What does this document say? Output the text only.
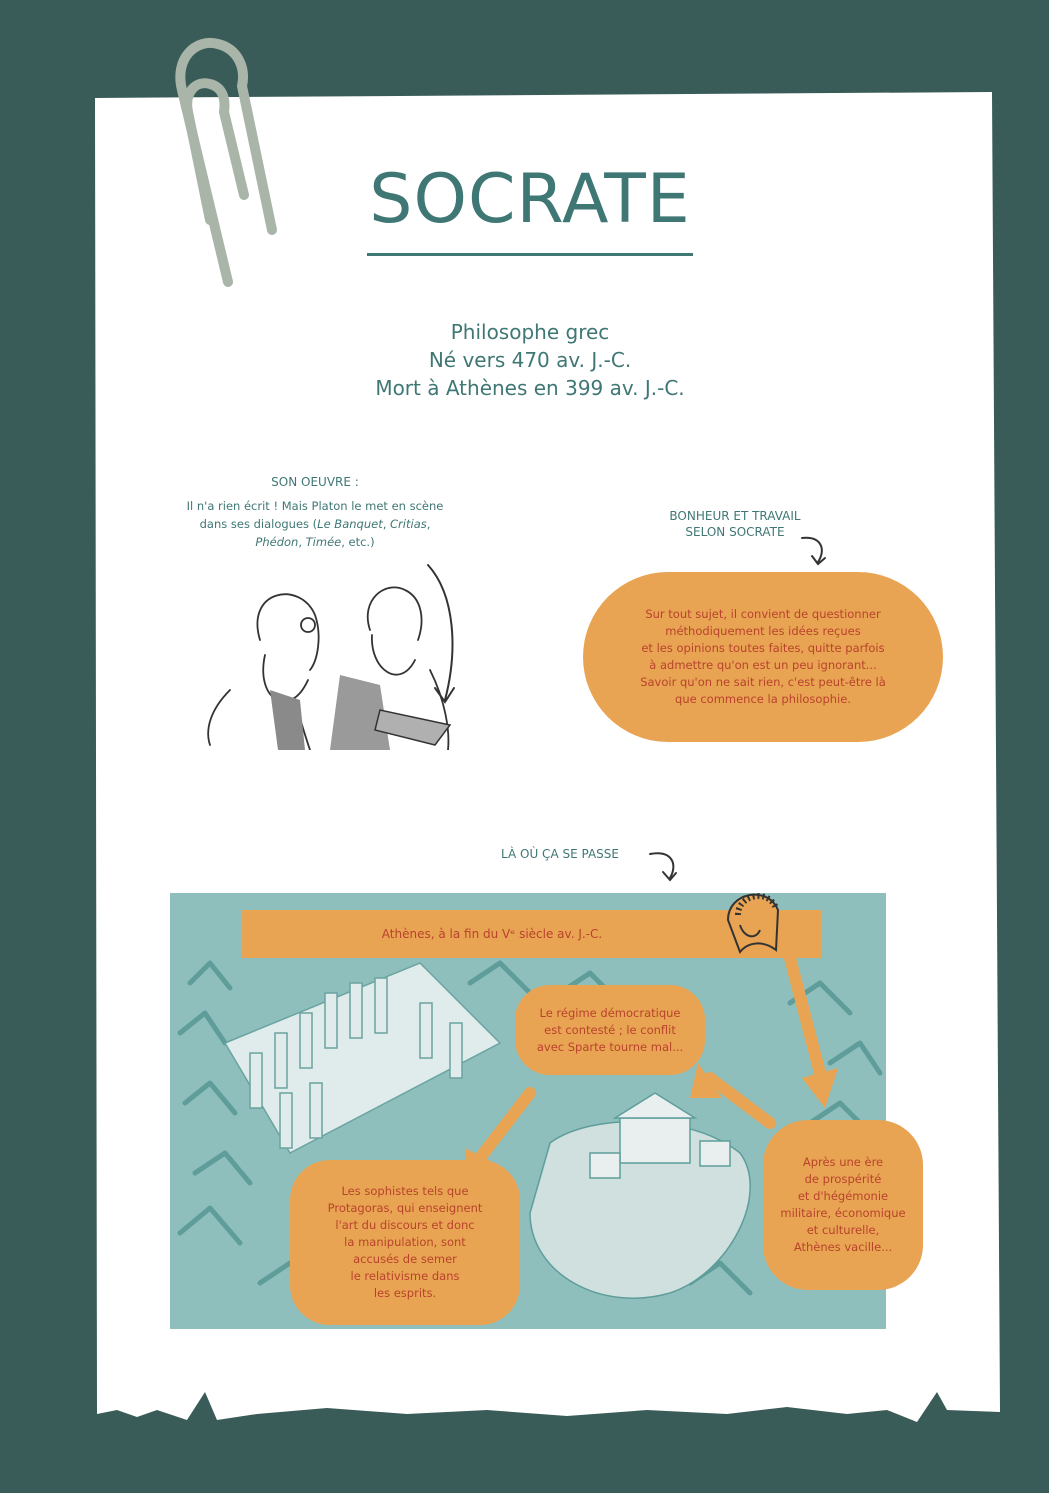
SOCRATE
Philosophe grec
Né vers 470 av. J.-C.
Mort à Athènes en 399 av. J.-C.
SON OEUVRE :
Il n'a rien écrit ! Mais Platon le met en scène
dans ses dialogues (Le Banquet, Critias,
Phédon, Timée, etc.)
BONHEUR ET TRAVAIL
SELON SOCRATE
Sur tout sujet, il convient de questionner
méthodiquement les idées reçues
et les opinions toutes faites, quitte parfois
à admettre qu'on est un peu ignorant...
Savoir qu'on ne sait rien, c'est peut-être là
que commence la philosophie.
LÀ OÙ ÇA SE PASSE
Athènes, à la fin du Vᵉ siècle av. J.-C.
Le régime démocratique
est contesté ; le conflit
avec Sparte tourne mal...
Les sophistes tels que
Protagoras, qui enseignent
l'art du discours et donc
la manipulation, sont
accusés de semer
le relativisme dans
les esprits.
Après une ère
de prospérité
et d'hégémonie
militaire, économique
et culturelle,
Athènes vacille...
